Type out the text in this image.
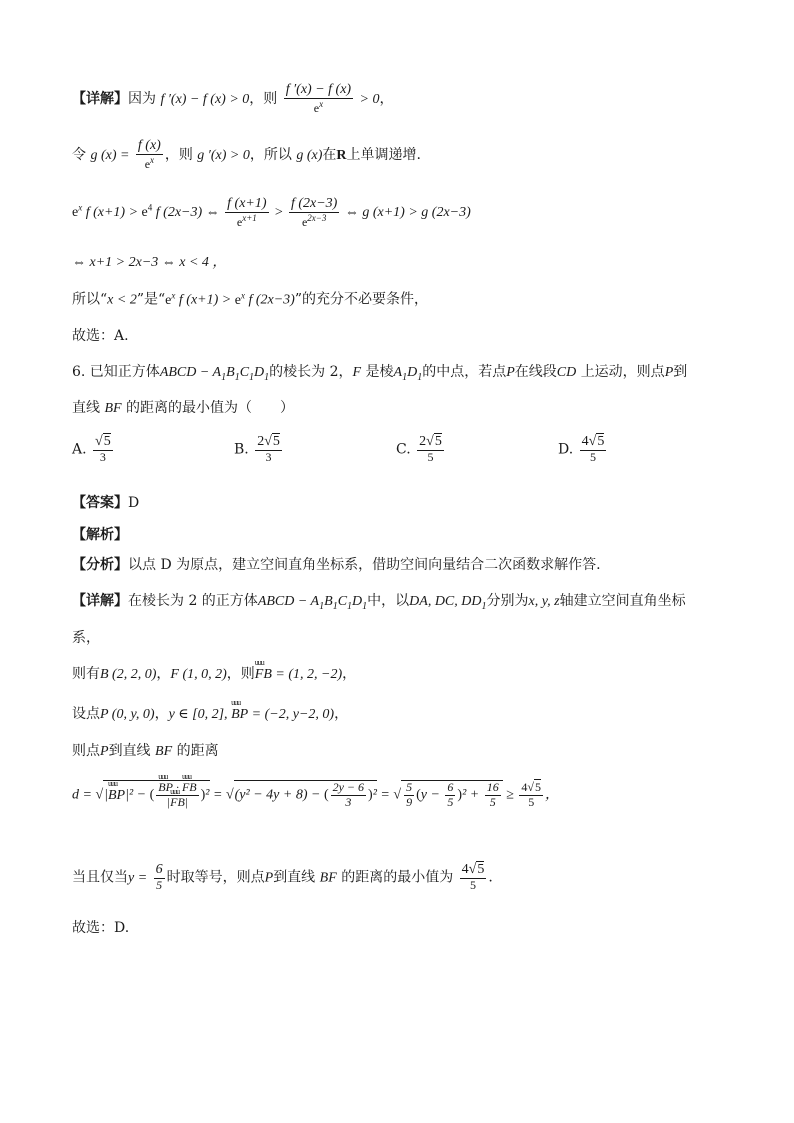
【详解】因为 f ′(x) − f (x) > 0，则 $\frac{f '(x) - f (x)}{e^x} > 0$，
令 g $(x) = \frac{f (x)}{e^x}$ ，则 g ′(x) > 0，所以 g (x)在R上单调递增.
$e^x$ f $(x+1) > e^4$ f (2x−3) ⇔ $\frac{f (x+1)}{e^{x+1}} > \frac{f (2x-3)}{e^{2x-3}}$ ⇔ g (x+1) > g (2x−3)
⇔ x+1 > 2x−3 ⇔ x < 4 ，
所以“x < 2”是“$e^x$ f $(x+1) > e^x$ f (2x−3)”的充分不必要条件，
故选：A.
6. 已知正方体ABCD − $A_1B_1C_1D_1$的棱长为 2，F 是棱$A_1D_1$的中点，若点P在线段CD 上运动，则点P到
直线 BF 的距离的最小值为（　　）
A. $\frac{√5}{3}$	B. $\frac{2√5}{3}$	C. $\frac{2√5}{5}$	D. $\frac{4√5}{5}$
【答案】D
【解析】
【分析】以点 D 为原点，建立空间直角坐标系，借助空间向量结合二次函数求解作答.
【详解】在棱长为 2 的正方体ABCD − $A_1B_1C_1D_1$中，以DA, DC, $DD_1$分别为x, y, z轴建立空间直角坐标
系，
则有B (2, 2, 0)，F (1, 0, 2)，则uuu FB = (1, 2, −2)，
设点P (0, y, 0)，y ∈ [0, 2], uuu BP = (−2, y−2, 0)，
则点P到直线 BF 的距离
d = √|uuu BP|² − (
uuu $\frac{\text{BP · uuu FB}}{\text{|uuu FB|}} )^2 = √(y^2 - 4y + 8)$ − ( $\frac{2y - 6}{3} )^2$ = √ $\frac{5}{9} (y - \frac{6}{5} )^2 + \frac{16}{5} \ge \frac{4√5}{5}$ ，
当且仅当$y = \frac{6}{5}$ 时取等号，则点P到直线 BF 的距离的最小值为 $\frac{4√5}{5}$ .
故选：D.
